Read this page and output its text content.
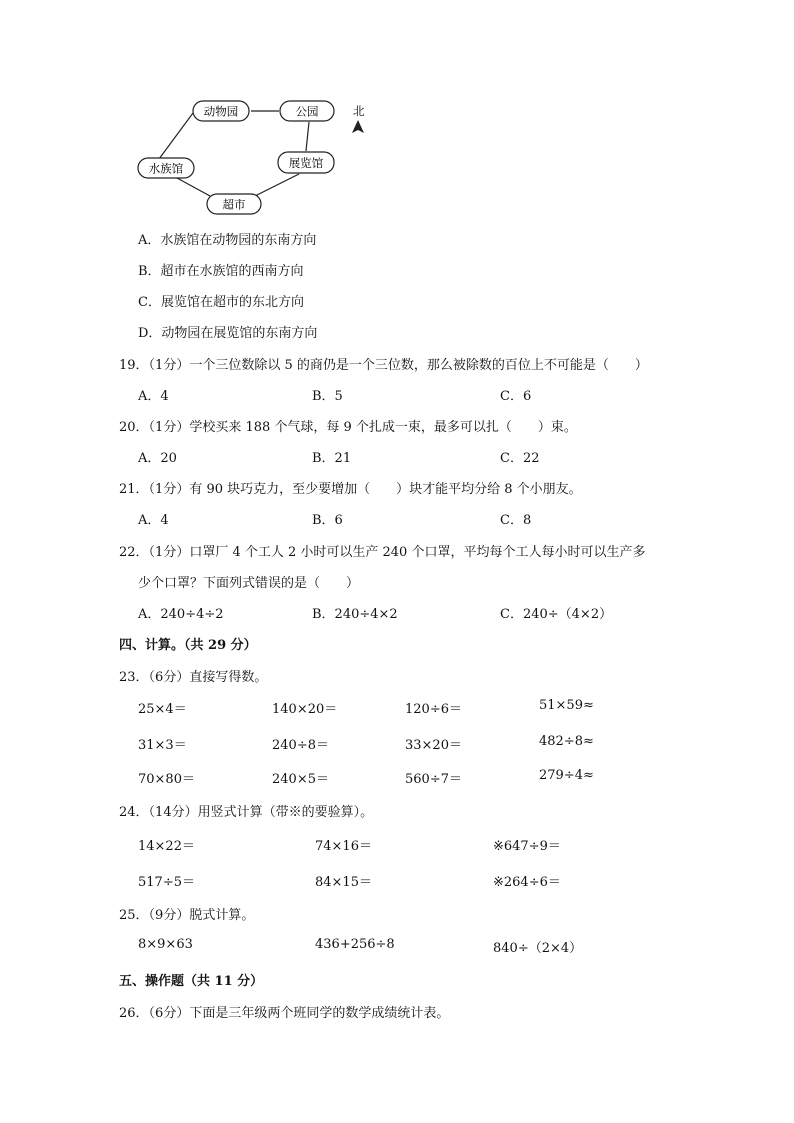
动物园	公园
水族馆	展览馆
超市
北
A．水族馆在动物园的东南方向
B．超市在水族馆的西南方向
C．展览馆在超市的东北方向
D．动物园在展览馆的东南方向
19．（1分）一个三位数除以 5 的商仍是一个三位数，那么被除数的百位上不可能是（　　）
A．4	B．5	C．6
20．（1分）学校买来 188 个气球，每 9 个扎成一束，最多可以扎（　　）束。
A．20	B．21	C．22
21．（1分）有 90 块巧克力，至少要增加（　　）块才能平均分给 8 个小朋友。
A．4	B．6	C．8
22．（1分）口罩厂 4 个工人 2 小时可以生产 240 个口罩，平均每个工人每小时可以生产多
少个口罩？下面列式错误的是（　　）
A．240÷4÷2	B．240÷4×2	C．240÷（4×2）
四、计算。（共 29 分）
23．（6分）直接写得数。
25×4＝	140×20＝	120÷6＝	51×59≈
31×3＝	240÷8＝	33×20＝	482÷8≈
70×80＝	240×5＝	560÷7＝	279÷4≈
24．（14分）用竖式计算（带※的要验算）。
14×22＝	74×16＝	※647÷9＝
517÷5＝	84×15＝	※264÷6＝
25．（9分）脱式计算。
8×9×63	436+256÷8	840÷（2×4）
五、操作题（共 11 分）
26．（6分）下面是三年级两个班同学的数学成绩统计表。
